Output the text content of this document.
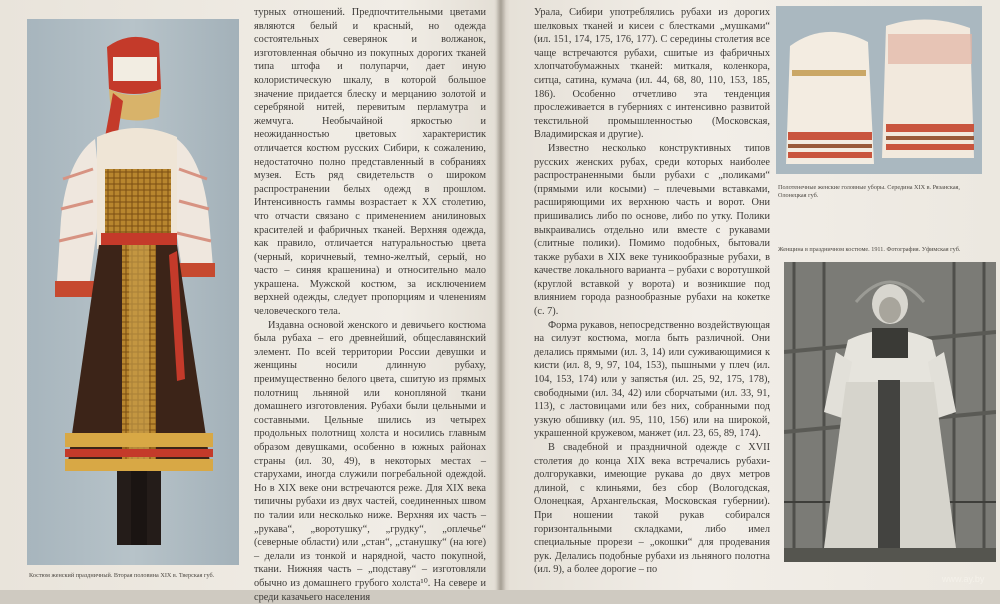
Костюм женский праздничный. Вторая половина XIX в. Тверская губ.

турных отношений. Предпочтительными цветами являются белый и красный, но одежда состоятельных северянок и волжанок, изготовленная обычно из покупных дорогих тканей типа штофа и полупарчи, дает иную колористическую шкалу, в которой большое значение придается блеску и мерцанию золотой и серебряной нитей, перевитым перламутра и жемчуга. Необычайной яркостью и неожиданностью цветовых характеристик отличается костюм русских Сибири, к сожалению, недостаточно полно представленный в собраниях музея. Есть ряд свидетельств о широком распространении белых одежд в прошлом. Интенсивность гаммы возрастает к XX столетию, что отчасти связано с применением анилиновых красителей и фабричных тканей. Верхняя одежда, как правило, отличается натуральностью цвета (черный, коричневый, темно-желтый, серый, но часто – синяя крашенина) и относительно мало украшена. Мужской костюм, за исключением верхней одежды, следует пропорциям и членениям человеческого тела.

Издавна основой женского и девичьего костюма была рубаха – его древнейший, общеславянский элемент. По всей территории России девушки и женщины носили длинную рубаху, преимущественно белого цвета, сшитую из прямых полотнищ льняной или конопляной ткани домашнего изготовления. Рубахи были цельными и составными. Цельные шились из четырех продольных полотнищ холста и носились главным образом девушками, особенно в южных районах страны (ил. 30, 49), в некоторых местах – старухами, иногда служили погребальной одеждой. Но в XIX веке они встречаются реже. Для XIX века типичны рубахи из двух частей, соединенных швом по талии или несколько ниже. Верхняя их часть – „рукава“, „воротушку“, „грудку“, „оплечье“ (северные области) или „стан“, „станушку“ (на юге) – делали из тонкой и нарядной, часто покупной, ткани. Нижняя часть – „подставу“ – изготовляли обычно из домашнего грубого холста¹⁰. На севере и среди казачьего населения

Урала, Сибири употреблялись рубахи из дорогих шелковых тканей и кисеи с блестками „мушками“ (ил. 151, 174, 175, 176, 177). С середины столетия все чаще встречаются рубахи, сшитые из фабричных хлопчатобумажных тканей: миткаля, коленкора, ситца, сатина, кумача (ил. 44, 68, 80, 110, 153, 185, 186). Особенно отчетливо эта тенденция прослеживается в губерниях с интенсивно развитой текстильной промышленностью (Московская, Владимирская и другие).

Известно несколько конструктивных типов русских женских рубах, среди которых наиболее распространенными были рубахи с „поликами“ (прямыми или косыми) – плечевыми вставками, расширяющими их верхнюю часть и ворот. Они пришивались либо по основе, либо по утку. Полики выкраивались отдельно или вместе с рукавами (слитные полики). Помимо подобных, бытовали также рубахи в XIX веке туникообразные рубахи, в качестве локального варианта – рубахи с воротушкой (круглой вставкой у ворота) и возникшие под влиянием города разнообразные рубахи на кокетке (с. 7).

Форма рукавов, непосредственно воздействующая на силуэт костюма, могла быть различной. Они делались прямыми (ил. 3, 14) или суживающимися к кисти (ил. 8, 9, 97, 104, 153), пышными у плеч (ил. 104, 153, 174) или у запястья (ил. 25, 92, 175, 178), свободными (ил. 34, 42) или сборчатыми (ил. 33, 91, 113), с ластовицами или без них, собранными под узкую обшивку (ил. 95, 110, 156) или на широкой, украшенной кружевом, манжет (ил. 23, 65, 89, 174).

В свадебной и праздничной одежде с XVII столетия до конца XIX века встречались рубахи-долгорукавки, имеющие рукава до двух метров длиной, с клиньями, без сбор (Вологодская, Олонецкая, Архангельская, Московская губернии). При ношении такой рукав собирался горизонтальными складками, либо имел специальные прорези – „окошки“ для продевания рук. Делались подобные рубахи из льняного полотна (ил. 9), а более дорогие – по

Полотенечные женские головные уборы. Середина XIX в. Рязанская, Олонецкая губ.
Женщина в праздничном костюме. 1911. Фотография. Уфимская губ.
www.ay.by
